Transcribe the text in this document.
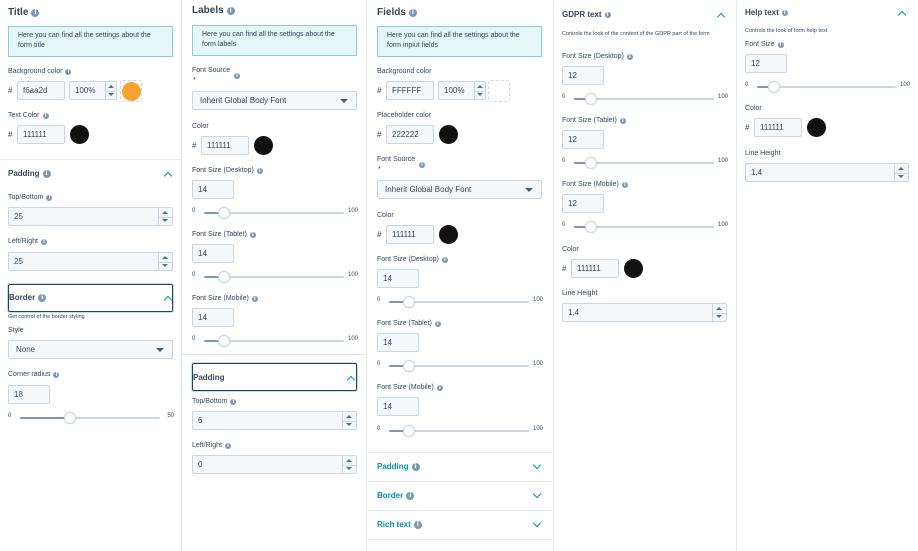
Title i
Here you can find all the settings about the form title
Background color	i
#	f6aa2d	100%
Text Color	i
#	111111
Padding i
Top/Bottom	i
25
Left/Right	i
25
Border i
Get control of the border styling
Style
None
Corner radius	i
18
0	50
Labels i
Here you can find all the settings about the form labels
Font Source
i
*
Inherit Global Body Font
Color
#	111111
Font Size (Desktop)	i
14
0	100
Font Size (Tablet)	i
14
0	100
Font Size (Mobile)	i
14
0	100
Padding
Top/Bottom	i
6
Left/Right	i
0
Fields i
Here you can find all the settings about the form inpiut fields
Background color
#	FFFFFF	100%
Placeholder color
#	222222
Font Source
i
*
Inherit Global Body Font
Color
#	111111
Font Size (Desktop)	i
14
0	100
Font Size (Tablet)	i
14
0	100
Font Size (Mobile)	i
14
0	100
Padding i
Border i
Rich text i
GDPR text	i
Controls the look of the content of the GDPR part of the form
Font Size (Desktop)	i
12
0	100
Font Size (Tablet)	i
12
0	100
Font Size (Mobile)	i
12
0	100
Color
#	111111
Line Height
1,4
Help text	i
Controls the look of form help text
Font Size	i
12
0	100
Color
#	111111
Line Height
1,4
